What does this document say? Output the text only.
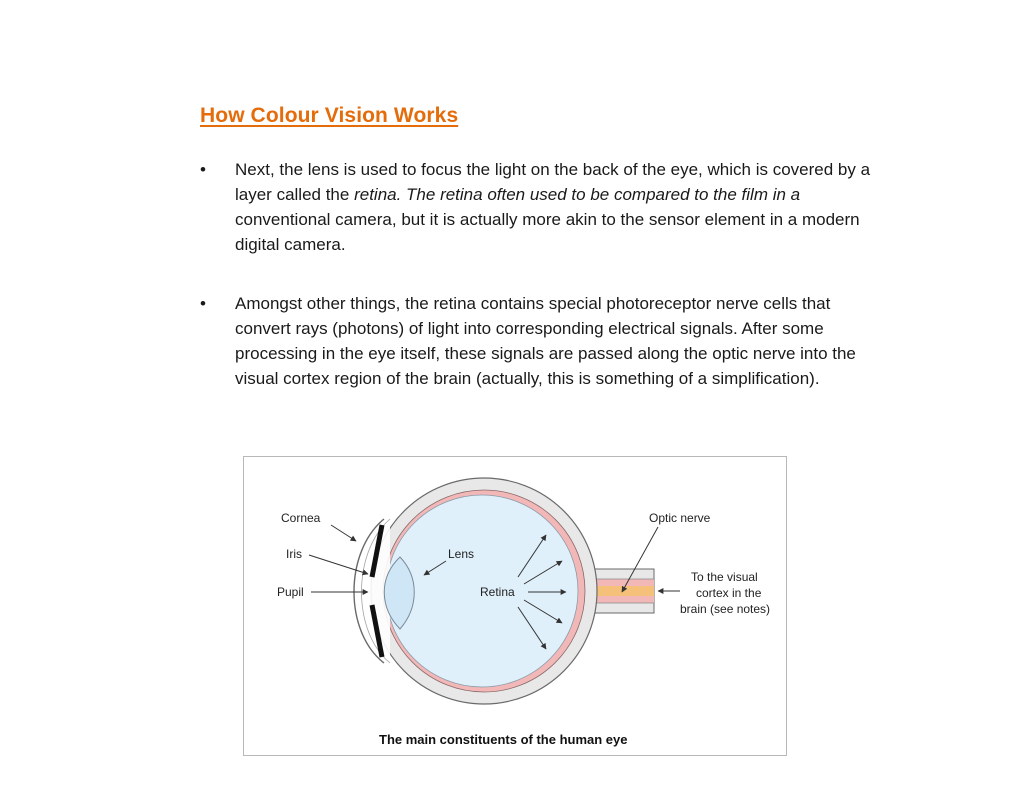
How Colour Vision Works
• Next, the lens is used to focus the light on the back of the eye, which is covered by a layer called the retina. The retina often used to be compared to the film in a conventional camera, but it is actually more akin to the sensor element in a modern digital camera.
• Amongst other things, the retina contains special photoreceptor nerve cells that convert rays (photons) of light into corresponding electrical signals. After some processing in the eye itself, these signals are passed along the optic nerve into the visual cortex region of the brain (actually, this is something of a simplification).
Cornea
Iris
Pupil
Lens
Retina
Optic nerve
To the visual
cortex in the
brain (see notes)
The main constituents of the human eye
